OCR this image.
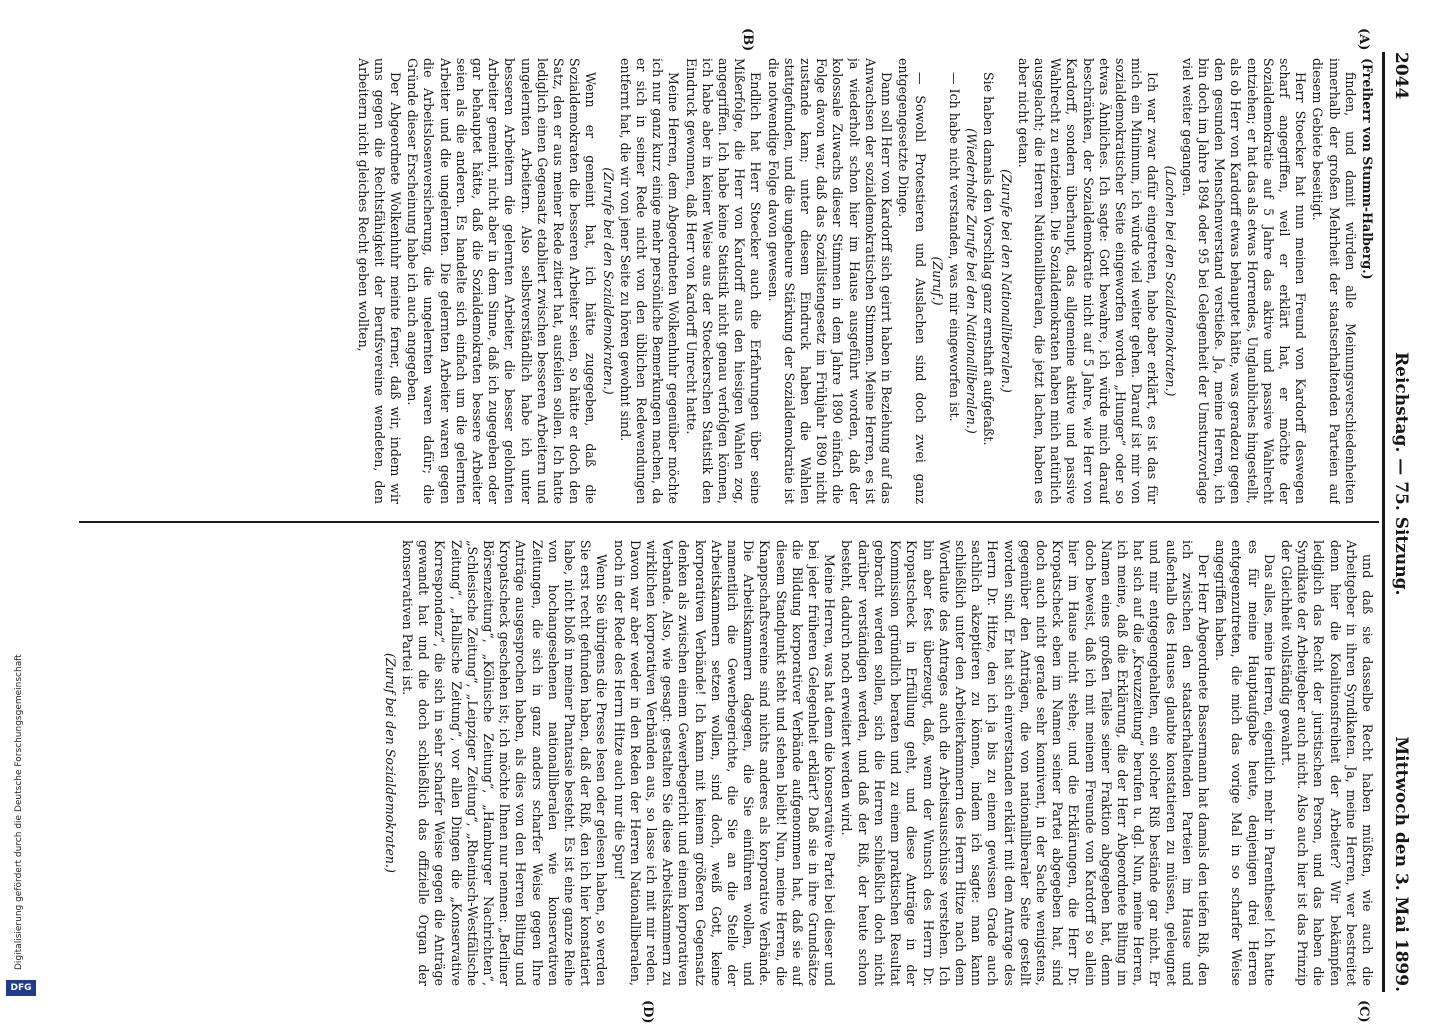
2044
Reichstag. — 75. Sitzung.
Mittwoch den 3. Mai 1899.
(A)
(B)
(C)
(D)

(Freiherr von Stumm-Halberg.)

finden, und damit würden alle Meinungsverschiedenheiten innerhalb der großen Mehrheit der staatserhaltenden Parteien auf diesem Gebiete beseitigt.

Herr Stoecker hat nun meinen Freund von Kardorff deswegen scharf angegriffen, weil er erklärt hat, er möchte der Sozialdemokratie auf 5 Jahre das aktive und passive Wahlrecht entziehen; er hat das als etwas Horrendes, Unglaubliches hingestellt, als ob Herr von Kardorff etwas behauptet hätte, was geradezu gegen den gesunden Menschenverstand verstieße. Ja, meine Herren, ich bin doch im Jahre 1894 oder 95 bei Gelegenheit der Umsturzvorlage viel weiter gegangen.

(Lachen bei den Sozialdemokraten.)

Ich war zwar dafür eingetreten, habe aber erklärt, es ist das für mich ein Minimum, ich würde viel weiter gehen. Darauf ist mir von sozialdemokratischer Seite eingeworfen worden „Hunger“ oder so etwas Ähnliches. Ich sagte: Gott bewahre, ich würde mich darauf beschränken, der Sozialdemokratie nicht auf 5 Jahre, wie Herr von Kardorff, sondern überhaupt, das allgemeine aktive und passive Wahlrecht zu entziehen. Die Sozialdemokraten haben mich natürlich ausgelacht; die Herren Nationalliberalen, die jetzt lachen, haben es aber nicht getan.

(Zurufe bei den Nationalliberalen.)

Sie haben damals den Vorschlag ganz ernsthaft aufgefaßt.

(Wiederholte Zurufe bei den Nationalliberalen.)

— Ich habe nicht verstanden, was mir eingeworfen ist.

(Zuruf.)

— Sowohl Protestieren und Auslachen sind doch zwei ganz entgegengesetzte Dinge.

Dann soll Herr von Kardorff sich geirrt haben in Beziehung auf das Anwachsen der sozialdemokratischen Stimmen. Meine Herren, es ist ja wiederholt schon hier im Hause ausgeführt worden, daß der kolossale Zuwachs dieser Stimmen in dem Jahre 1890 einfach die Folge davon war, daß das Sozialistengesetz im Frühjahr 1890 nicht zustande kam; unter diesem Eindruck haben die Wahlen stattgefunden, und die ungeheure Stärkung der Sozialdemokratie ist die notwendige Folge davon gewesen.

Endlich hat Herr Stoecker auch die Erfahrungen über seine Mißerfolge, die Herr von Kardorff aus den hiesigen Wahlen zog, angegriffen. Ich habe keine Statistik nicht genau verfolgen können, ich habe aber in keiner Weise aus der Stoeckerschen Statistik den Eindruck gewonnen, daß Herr von Kardorff Unrecht hatte.

Meine Herren, dem Abgeordneten Wolkenhuhr gegenüber möchte ich nur ganz kurz einige mehr persönliche Bemerkungen machen, da er sich in seiner Rede nicht von den üblichen Redewendungen entfernt hat, die wir von jener Seite zu hören gewohnt sind.

(Zurufe bei den Sozialdemokraten.)

Wenn er gemeint hat, ich hätte zugegeben, daß die Sozialdemokraten die besseren Arbeiter seien, so hätte er doch den Satz, den er aus meiner Rede zitiert hat, ausfeilen sollen. Ich hatte lediglich einen Gegensatz etabliert zwischen besseren Arbeitern und ungelernten Arbeitern. Also selbstverständlich habe ich unter besseren Arbeitern die gelernten Arbeiter, die besser gelohnten Arbeiter gemeint, nicht aber in dem Sinne, daß ich zugegeben oder gar behauptet hätte, daß die Sozialdemokraten bessere Arbeiter seien als die anderen. Es handelte sich einfach um die gelernten Arbeiter und die ungelernten. Die gelernten Arbeiter waren gegen die Arbeitslosenversicherung, die ungelernten waren dafür; die Gründe dieser Erscheinung habe ich auch angegeben.

Der Abgeordnete Wolkenhuhr meinte ferner, daß wir, indem wir uns gegen die Rechtsfähigkeit der Berufsvereine wendeten, den Arbeitern nicht gleiches Recht geben wollten,

und daß sie dasselbe Recht haben müßten, wie auch die Arbeitgeber in ihren Syndikaten. Ja, meine Herren, wer bestreitet denn hier die Koalitionsfreiheit der Arbeiter? Wir bekämpfen lediglich das Recht der juristischen Person, und das haben die Syndikate der Arbeitgeber auch nicht. Also auch hier ist das Prinzip der Gleichheit vollständig gewahrt.

Das alles, meine Herren, eigentlich mehr in Parenthese! Ich hatte es für meine Hauptaufgabe heute, denjenigen drei Herren entgegenzutreten, die mich das vorige Mal in so scharfer Weise angegriffen haben.

Der Herr Abgeordnete Bassermann hat damals den tiefen Riß, den ich zwischen den staatserhaltenden Parteien im Hause und außerhalb des Hauses glaubte konstatieren zu müssen, geleugnet und mir entgegengehalten, ein solcher Riß bestände gar nicht. Er hat sich auf die „Kreuzzeitung“ berufen u. dgl. Nun, meine Herren, ich meine, daß die Erklärung, die der Herr Abgeordnete Bilting im Namen eines großen Teiles seiner Fraktion abgegeben hat, denn doch beweist, daß ich mit meinem Freunde von Kardorff so allein hier im Hause nicht stehe; und die Erklärungen, die Herr Dr. Kropatscheck eben im Namen seiner Partei abgegeben hat, sind doch auch nicht gerade sehr konnivent, in der Sache wenigstens, gegenüber den Anträgen, die von nationalliberaler Seite gestellt worden sind. Er hat sich einverstanden erklärt mit dem Antrage des Herrn Dr. Hitze, den ich ja bis zu einem gewissen Grade auch sachlich akzeptieren zu können, indem ich sagte: man kann schließlich unter den Arbeiterkammern des Herrn Hitze nach dem Wortlaute des Antrages auch die Arbeitsausschüsse verstehen. Ich bin aber fest überzeugt, daß, wenn der Wunsch des Herrn Dr. Kropatscheck in Erfüllung geht, und diese Anträge in der Kommission gründlich beraten und zu einem praktischen Resultat gebracht werden sollen, sich die Herren schließlich doch nicht darüber verständigen werden, und daß der Riß, der heute schon besteht, dadurch noch erweitert werden wird.

Meine Herren, was hat denn die konservative Partei bei dieser und bei jeder früheren Gelegenheit erklärt? Daß sie in ihre Grundsätze die Bildung korporativer Verbände aufgenommen hat, daß sie auf diesem Standpunkt steht und stehen bleibt! Nun, meine Herren, die Knappschaftsvereine sind nichts anderes als korporative Verbände. Die Arbeitskammern dagegen, die Sie einführen wollen, und namentlich die Gewerbegerichte, die Sie an die Stelle der Arbeitskammern setzen wollen, sind doch, weiß Gott, keine korporativen Verbände! Ich kann mit keinem größeren Gegensatz denken als zwischen einem Gewerbegericht und einem korporativen Verbande. Also, wie gesagt: gestalten Sie diese Arbeitskammern zu wirklichen korporativen Verbänden aus, so lasse ich mit mir reden. Davon war aber weder in den Reden der Herren Nationalliberalen, noch in der Rede des Herrn Hitze auch nur die Spur!

Wenn Sie übrigens die Presse lesen oder gelesen haben, so werden Sie erst recht gefunden haben, daß der Riß, den ich hier konstatiert habe, nicht bloß in meiner Phantasie besteht. Es ist eine ganze Reihe von hochangesehenen nationalliberalen wie konservativen Zeitungen, die sich in ganz anders scharfer Weise gegen Ihre Anträge ausgesprochen haben, als dies von den Herren Bilting und Kropatscheck geschehen ist; ich möchte Ihnen nur nennen: „Berliner Börsenzeitung“, „Kölnische Zeitung“, „Hamburger Nachrichten“, „Schlesische Zeitung“, „Leipziger Zeitung“, „Rheinisch-Westfälische Zeitung“, „Hallische Zeitung“, vor allen Dingen die „Konservative Korrespondenz“, die sich in sehr scharfer Weise gegen die Anträge gewandt hat und die doch schließlich das offizielle Organ der konservativen Partei ist.

(Zuruf bei den Sozialdemokraten.)

DFG
Digitalisierung gefördert durch die Deutsche Forschungsgemeinschaft
